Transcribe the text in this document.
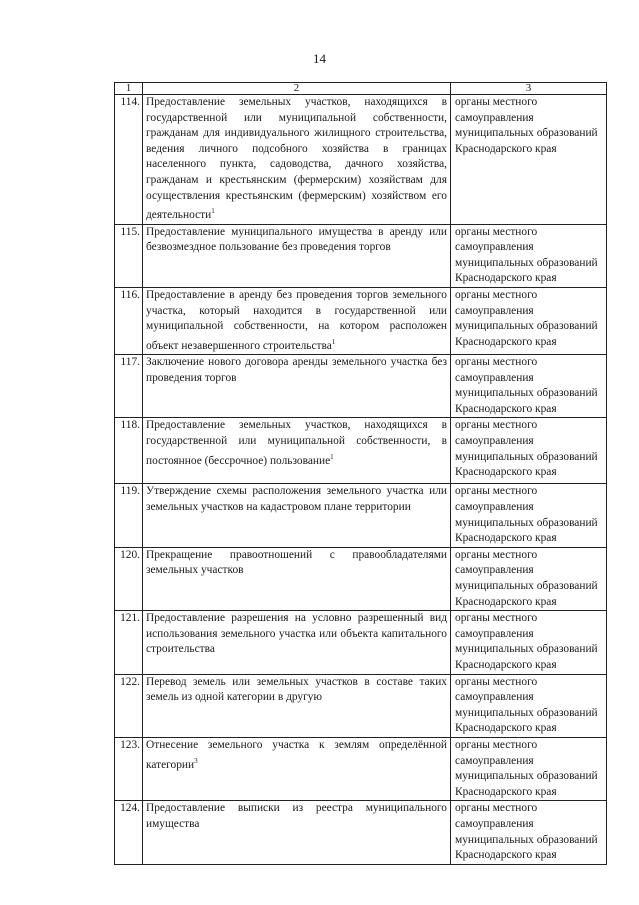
14
1	2	3
114.	Предоставление земельных участков, находящихся в государственной или муниципальной собственности, гражданам для индивидуального жилищного строительства, ведения личного подсобного хозяйства в границах населенного пункта, садоводства, дачного хозяйства, гражданам и крестьянским (фермерским) хозяйствам для осуществления крестьянским (фермерским) хозяйством его деятельности$^1$	органы местного самоуправления муниципальных образований Краснодарского края
115.	Предоставление муниципального имущества в аренду или безвозмездное пользование без проведения торгов	органы местного самоуправления муниципальных образований Краснодарского края
116.	Предоставление в аренду без проведения торгов земельного участка, который находится в государственной или муниципальной собственности, на котором расположен объект незавершенного строительства$^1$	органы местного самоуправления муниципальных образований Краснодарского края
117.	Заключение нового договора аренды земельного участка без проведения торгов	органы местного самоуправления муниципальных образований Краснодарского края
118.	Предоставление земельных участков, находящихся в государственной или муниципальной собственности, в постоянное (бессрочное) пользование$^1$	органы местного самоуправления муниципальных образований Краснодарского края
119.	Утверждение схемы расположения земельного участка или земельных участков на кадастровом плане территории	органы местного самоуправления муниципальных образований Краснодарского края
120.	Прекращение правоотношений с правообладателями земельных участков	органы местного самоуправления муниципальных образований Краснодарского края
121.	Предоставление разрешения на условно разрешенный вид использования земельного участка или объекта капитального строительства	органы местного самоуправления муниципальных образований Краснодарского края
122.	Перевод земель или земельных участков в составе таких земель из одной категории в другую	органы местного самоуправления муниципальных образований Краснодарского края
123.	Отнесение земельного участка к землям определённой категории$^3$	органы местного самоуправления муниципальных образований Краснодарского края
124.	Предоставление выписки из реестра муниципального имущества	органы местного самоуправления муниципальных образований Краснодарского края
